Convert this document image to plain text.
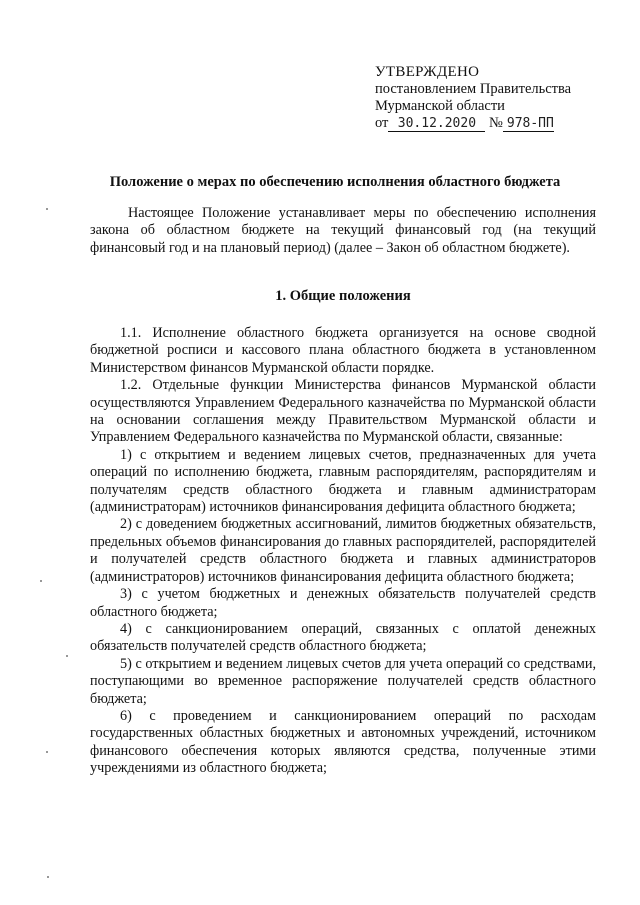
УТВЕРЖДЕНО
постановлением Правительства
Мурманской области
от 30.12.2020 № 978-ПП
Положение о мерах по обеспечению исполнения областного бюджета

Настоящее Положение устанавливает меры по обеспечению исполнения закона об областном бюджете на текущий финансовый год (на текущий финансовый год и на плановый период) (далее – Закон об областном бюджете).

1. Общие положения

1.1. Исполнение областного бюджета организуется на основе сводной бюджетной росписи и кассового плана областного бюджета в установленном Министерством финансов Мурманской области порядке.

1.2. Отдельные функции Министерства финансов Мурманской области осуществляются Управлением Федерального казначейства по Мурманской области на основании соглашения между Правительством Мурманской области и Управлением Федерального казначейства по Мурманской области, связанные:

1) с открытием и ведением лицевых счетов, предназначенных для учета операций по исполнению бюджета, главным распорядителям, распорядителям и получателям средств областного бюджета и главным администраторам (администраторам) источников финансирования дефицита областного бюджета;

2) с доведением бюджетных ассигнований, лимитов бюджетных обязательств, предельных объемов финансирования до главных распорядителей, распорядителей и получателей средств областного бюджета и главных администраторов (администраторов) источников финансирования дефицита областного бюджета;

3) с учетом бюджетных и денежных обязательств получателей средств областного бюджета;

4) с санкционированием операций, связанных с оплатой денежных обязательств получателей средств областного бюджета;

5) с открытием и ведением лицевых счетов для учета операций со средствами, поступающими во временное распоряжение получателей средств областного бюджета;

6) с проведением и санкционированием операций по расходам государственных областных бюджетных и автономных учреждений, источником финансового обеспечения которых являются средства, полученные этими учреждениями из областного бюджета;
